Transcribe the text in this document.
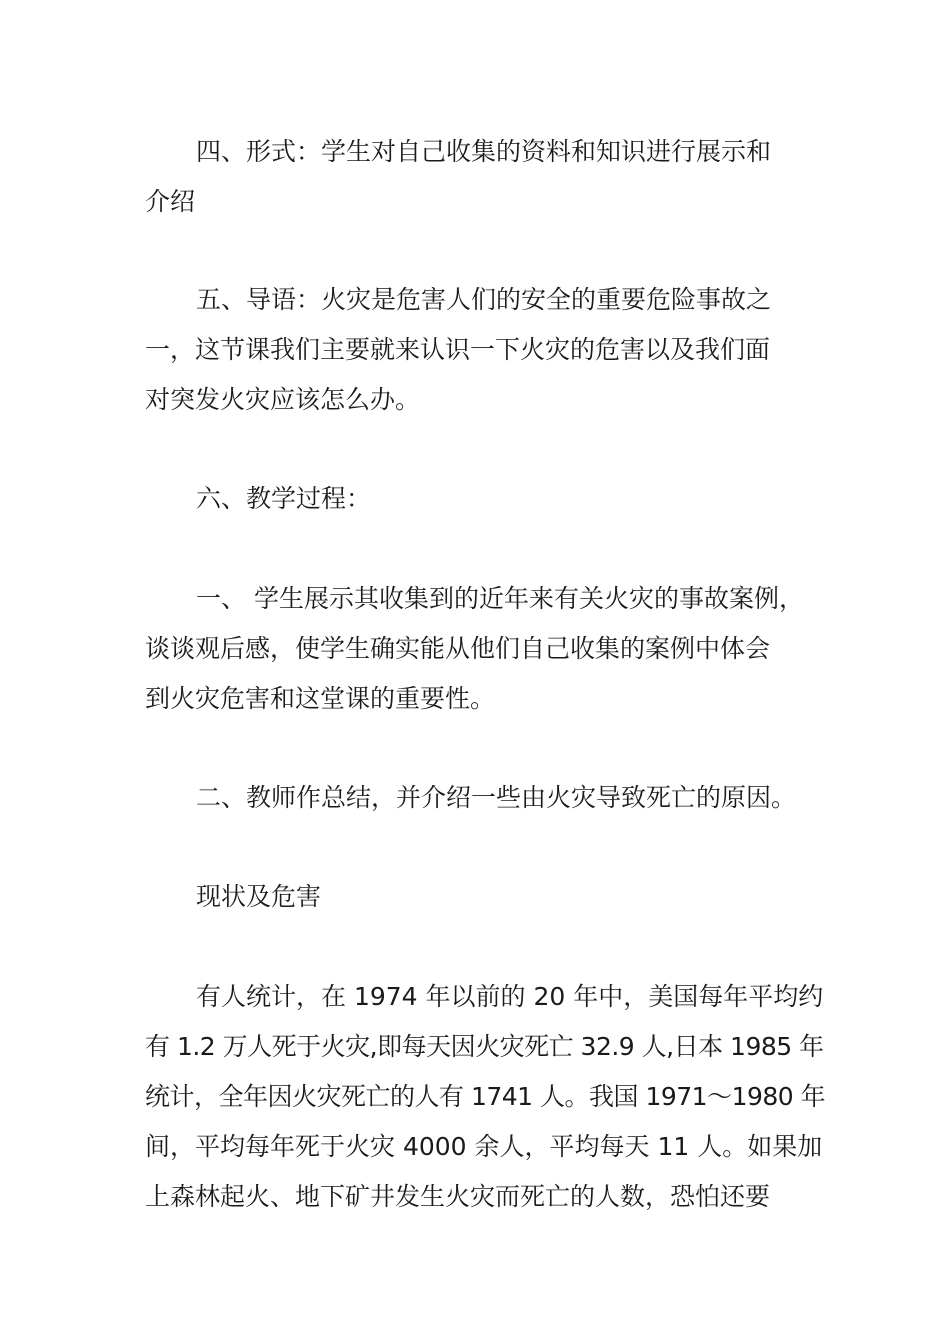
四、形式：学生对自己收集的资料和知识进行展示和
介绍
五、导语：火灾是危害人们的安全的重要危险事故之
一，这节课我们主要就来认识一下火灾的危害以及我们面
对突发火灾应该怎么办。
六、教学过程：
一、 学生展示其收集到的近年来有关火灾的事故案例，
谈谈观后感，使学生确实能从他们自己收集的案例中体会
到火灾危害和这堂课的重要性。
二、教师作总结，并介绍一些由火灾导致死亡的原因。
现状及危害
有人统计，在 1974 年以前的 20 年中，美国每年平均约
有 1.2 万人死于火灾,即每天因火灾死亡 32.9 人,日本 1985 年
统计，全年因火灾死亡的人有 1741 人。我国 1971～1980 年
间，平均每年死于火灾 4000 余人，平均每天 11 人。如果加
上森林起火、地下矿井发生火灾而死亡的人数，恐怕还要
